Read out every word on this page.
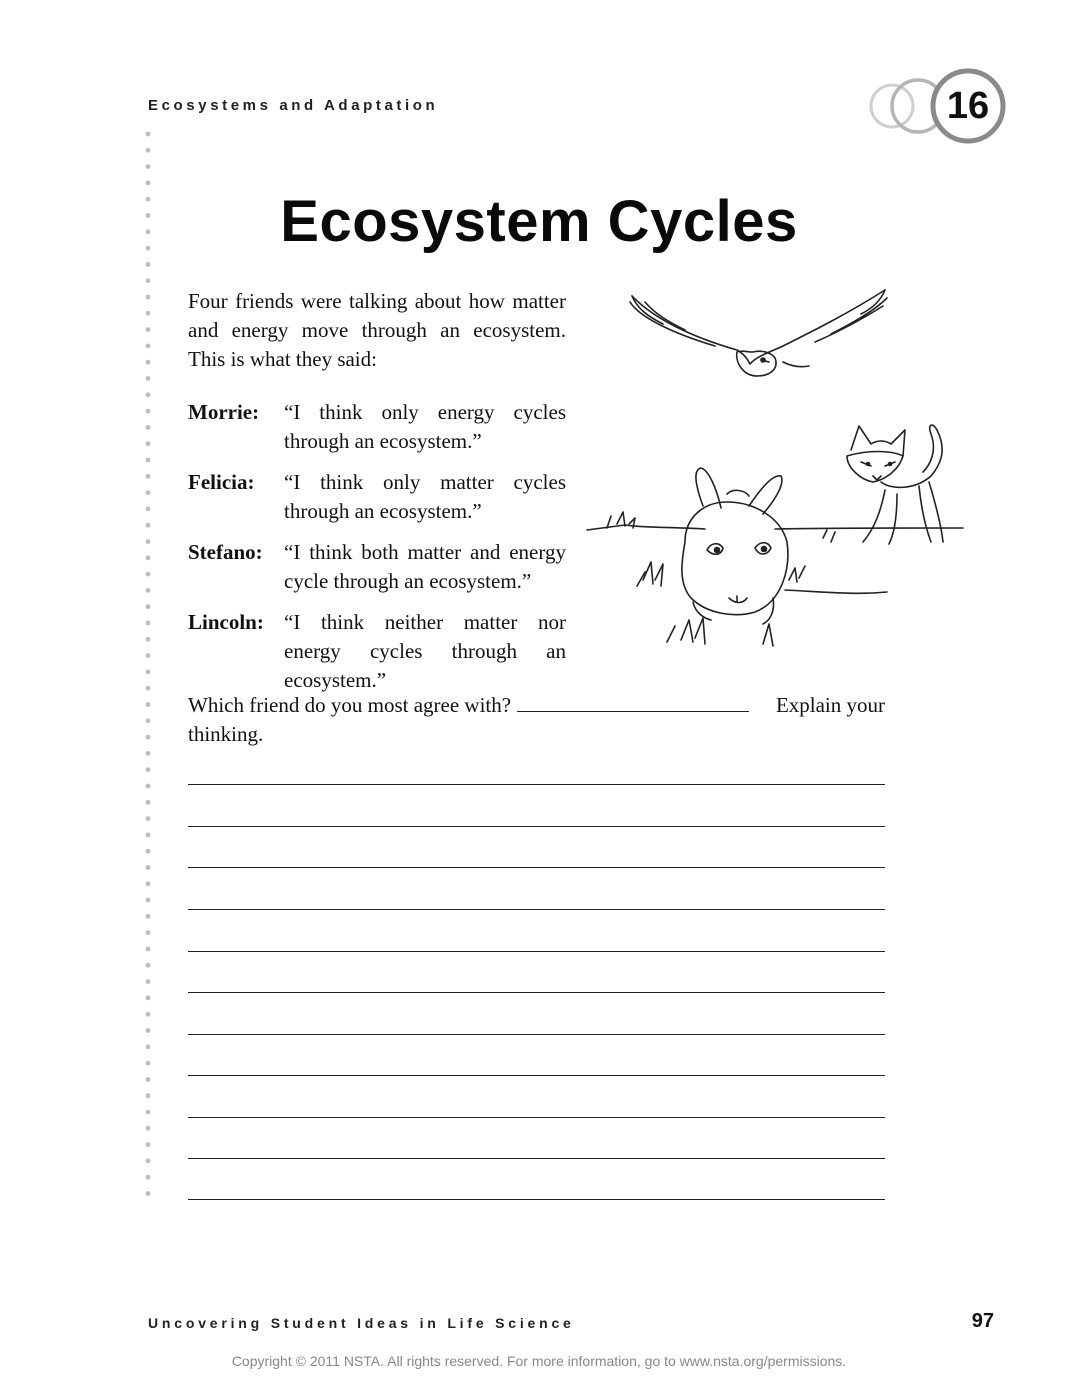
Ecosystems and Adaptation	16
Ecosystem Cycles
Four friends were talking about how matter and energy move through an ecosystem. This is what they said:
Morrie: “I think only energy cycles through an ecosystem.”
Felicia: “I think only matter cycles through an ecosystem.”
Stefano: “I think both matter and energy cycle through an ecosystem.”
Lincoln: “I think neither matter nor energy cycles through an ecosystem.”
Which friend do you most agree with?	Explain your
thinking.
Uncovering Student Ideas in Life Science	97
Copyright © 2011 NSTA. All rights reserved. For more information, go to www.nsta.org/permissions.
